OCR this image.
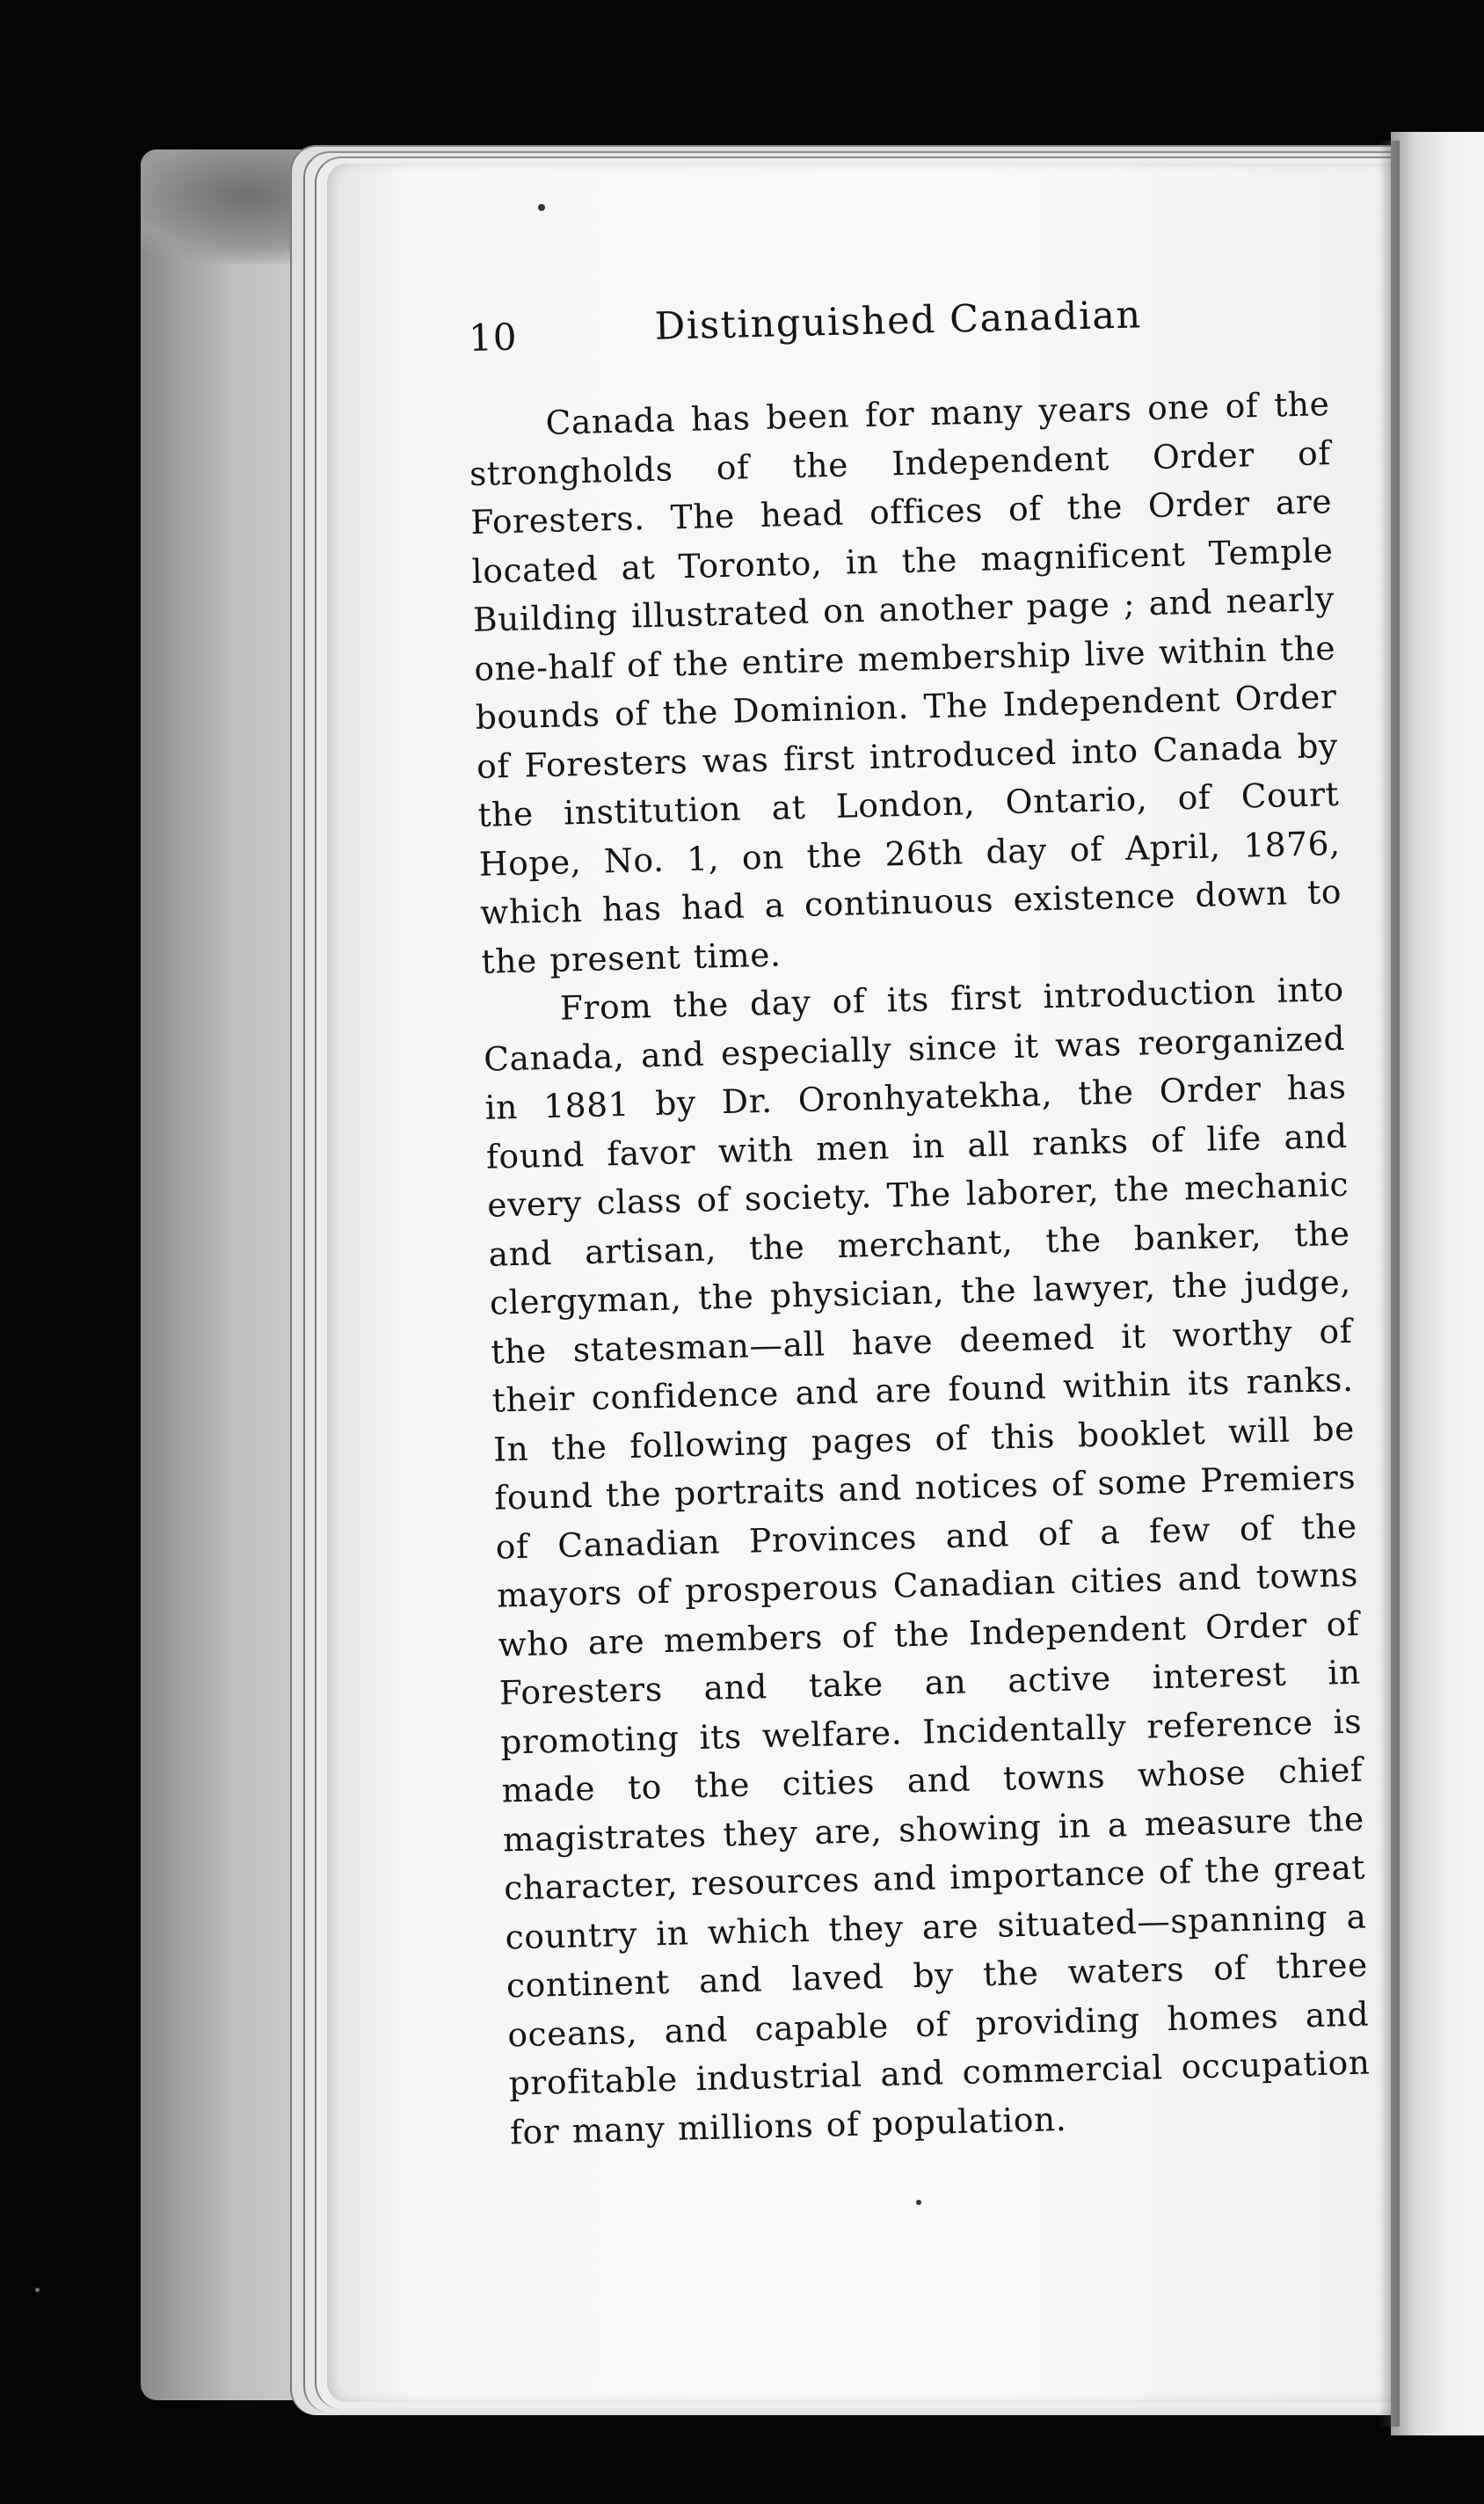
10	Distinguished Canadian

Canada has been for many years one of the strongholds of the Independent Order of Foresters. The head offices of the Order are located at Toronto, in the magnificent Temple Building illustrated on another page ; and nearly one-half of the entire membership live within the bounds of the Dominion. The Independent Order of Foresters was first introduced into Canada by the institution at London, Ontario, of Court Hope, No. 1, on the 26th day of April, 1876, which has had a continuous existence down to the present time.

From the day of its first introduction into Canada, and especially since it was reorganized in 1881 by Dr. Oronhyatekha, the Order has found favor with men in all ranks of life and every class of society. The laborer, the mechanic and artisan, the merchant, the banker, the clergyman, the physician, the lawyer, the judge, the statesman—all have deemed it worthy of their confidence and are found within its ranks. In the following pages of this booklet will be found the portraits and notices of some Premiers of Canadian Provinces and of a few of the mayors of prosperous Canadian cities and towns who are members of the Independent Order of Foresters and take an active interest in promoting its welfare. Incidentally reference is made to the cities and towns whose chief magistrates they are, showing in a measure the character, resources and importance of the great country in which they are situated—spanning a continent and laved by the waters of three oceans, and capable of providing homes and profitable industrial and commercial occupation for many millions of population.
